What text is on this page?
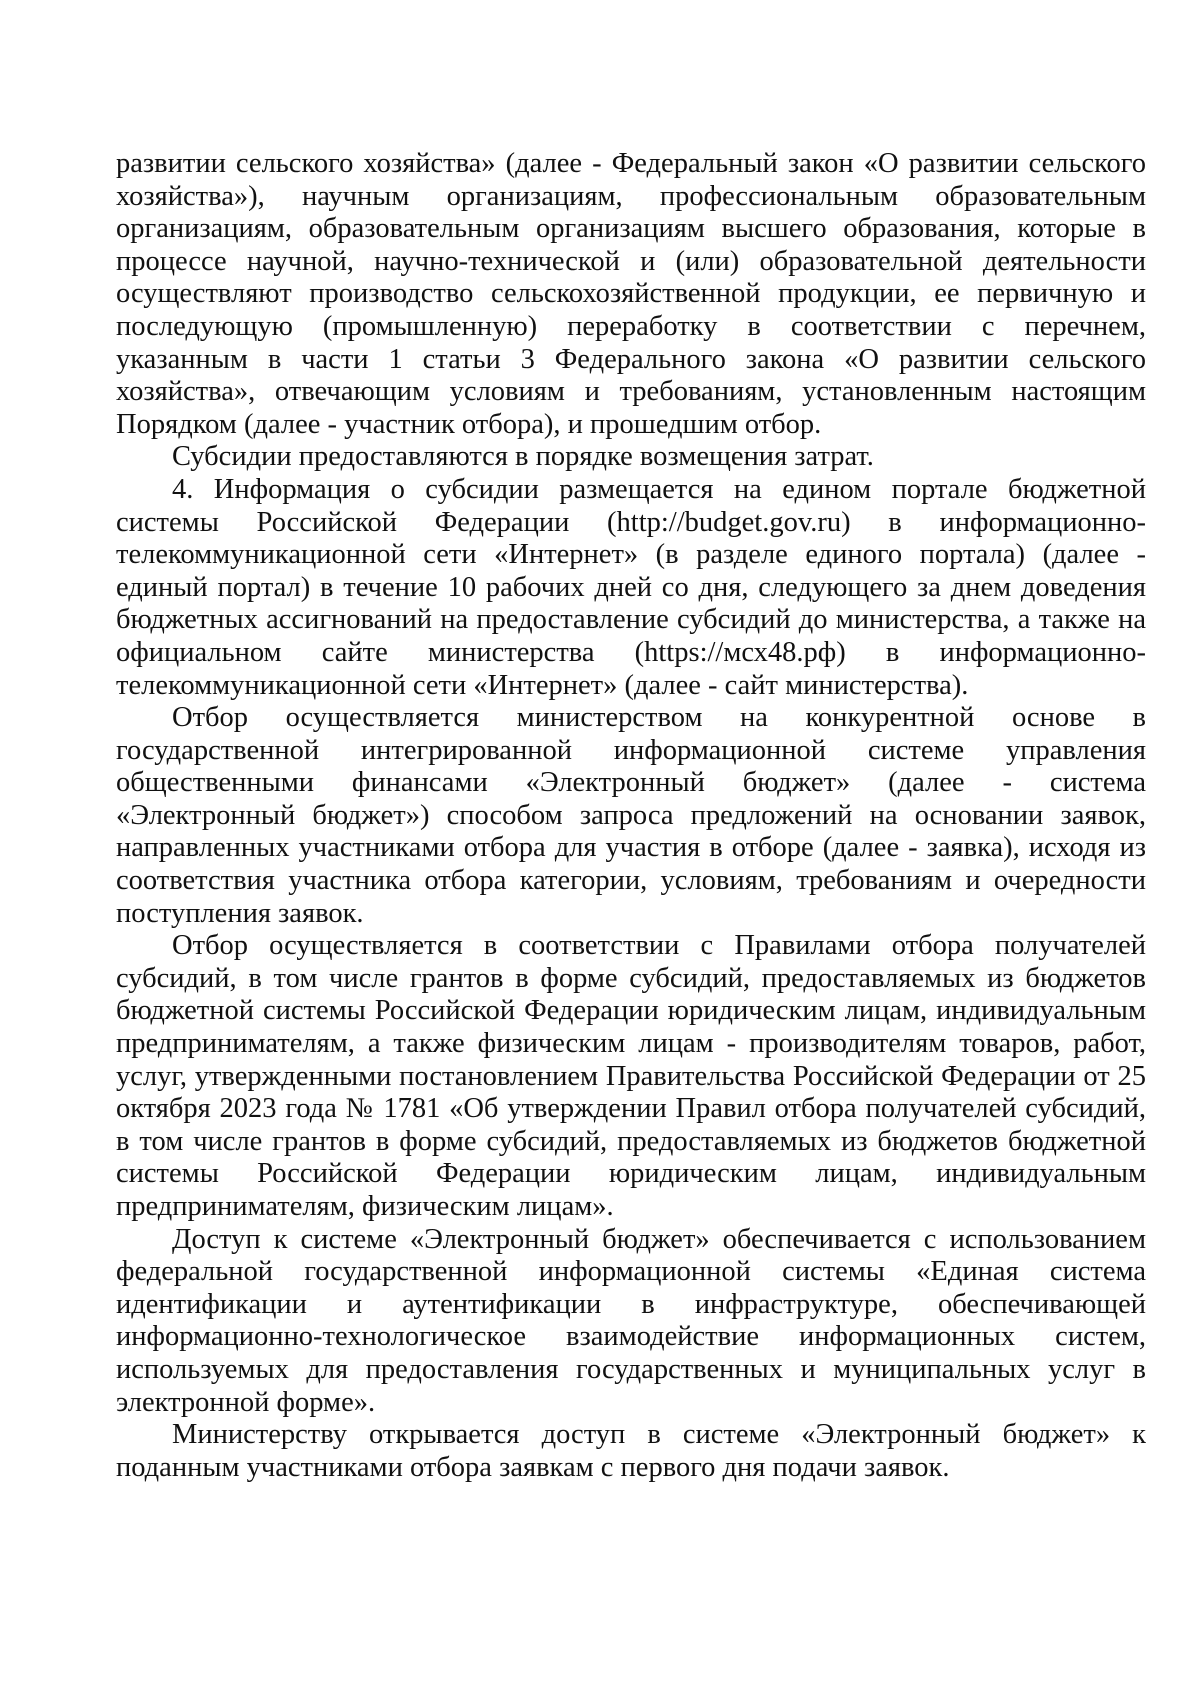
развитии сельского хозяйства» (далее - Федеральный закон «О развитии сельского хозяйства»), научным организациям, профессиональным образовательным организациям, образовательным организациям высшего образования, которые в процессе научной, научно-технической и (или) образовательной деятельности осуществляют производство сельскохозяйственной продукции, ее первичную и последующую (промышленную) переработку в соответствии с перечнем, указанным в части 1 статьи 3 Федерального закона «О развитии сельского хозяйства», отвечающим условиям и требованиям, установленным настоящим Порядком (далее - участник отбора), и прошедшим отбор.

Субсидии предоставляются в порядке возмещения затрат.

4. Информация о субсидии размещается на едином портале бюджетной системы Российской Федерации (http://budget.gov.ru) в информационно-телекоммуникационной сети «Интернет» (в разделе единого портала) (далее - единый портал) в течение 10 рабочих дней со дня, следующего за днем доведения бюджетных ассигнований на предоставление субсидий до министерства, а также на официальном сайте министерства (https://мсх48.рф) в информационно-телекоммуникационной сети «Интернет» (далее - сайт министерства).

Отбор осуществляется министерством на конкурентной основе в государственной интегрированной информационной системе управления общественными финансами «Электронный бюджет» (далее - система «Электронный бюджет») способом запроса предложений на основании заявок, направленных участниками отбора для участия в отборе (далее - заявка), исходя из соответствия участника отбора категории, условиям, требованиям и очередности поступления заявок.

Отбор осуществляется в соответствии с Правилами отбора получателей субсидий, в том числе грантов в форме субсидий, предоставляемых из бюджетов бюджетной системы Российской Федерации юридическим лицам, индивидуальным предпринимателям, а также физическим лицам - производителям товаров, работ, услуг, утвержденными постановлением Правительства Российской Федерации от 25 октября 2023 года № 1781 «Об утверждении Правил отбора получателей субсидий, в том числе грантов в форме субсидий, предоставляемых из бюджетов бюджетной системы Российской Федерации юридическим лицам, индивидуальным предпринимателям, физическим лицам».

Доступ к системе «Электронный бюджет» обеспечивается с использованием федеральной государственной информационной системы «Единая система идентификации и аутентификации в инфраструктуре, обеспечивающей информационно-технологическое взаимодействие информационных систем, используемых для предоставления государственных и муниципальных услуг в электронной форме».

Министерству открывается доступ в системе «Электронный бюджет» к поданным участниками отбора заявкам с первого дня подачи заявок.
